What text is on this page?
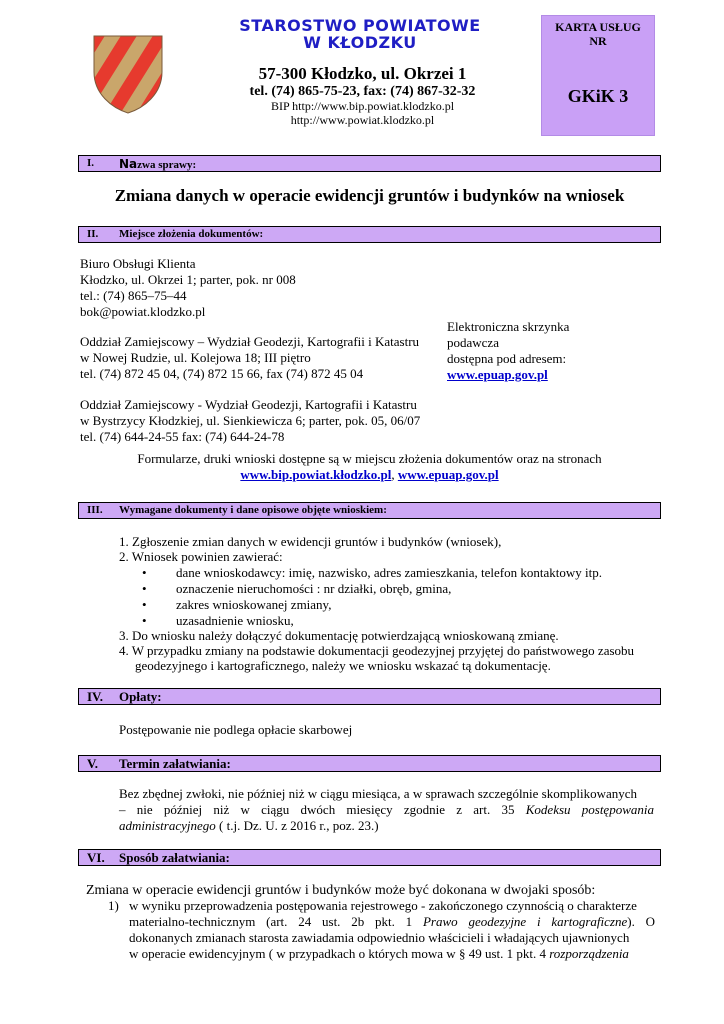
STAROSTWO POWIATOWE
W KŁODZKU
57-300 Kłodzko, ul. Okrzei 1
tel. (74) 865-75-23, fax: (74) 867-32-32
BIP http://www.bip.powiat.klodzko.pl
http://www.powiat.klodzko.pl
KARTA USŁUG
NR
GKiK 3
I. Nazwa sprawy:
Zmiana danych w operacie ewidencji gruntów i budynków na wniosek
II. Miejsce złożenia dokumentów:
Biuro Obsługi Klienta
Kłodzko, ul. Okrzei 1; parter, pok. nr 008
tel.: (74) 865–75–44
bok@powiat.klodzko.pl
Oddział Zamiejscowy – Wydział Geodezji, Kartografii i Katastru
w Nowej Rudzie, ul. Kolejowa 18; III piętro
tel. (74) 872 45 04, (74) 872 15 66, fax (74) 872 45 04
Elektroniczna skrzynka
podawcza
dostępna pod adresem:
www.epuap.gov.pl
Oddział Zamiejscowy - Wydział Geodezji, Kartografii i Katastru
w Bystrzycy Kłodzkiej, ul. Sienkiewicza 6; parter, pok. 05, 06/07
tel. (74) 644-24-55 fax: (74) 644-24-78
Formularze, druki wnioski dostępne są w miejscu złożenia dokumentów oraz na stronach
www.bip.powiat.kłodzko.pl, www.epuap.gov.pl
III. Wymagane dokumenty i dane opisowe objęte wnioskiem:
1. Zgłoszenie zmian danych w ewidencji gruntów i budynków (wniosek),
2. Wniosek powinien zawierać:
• dane wnioskodawcy: imię, nazwisko, adres zamieszkania, telefon kontaktowy itp.
• oznaczenie nieruchomości : nr działki, obręb, gmina,
• zakres wnioskowanej zmiany,
• uzasadnienie wniosku,
3. Do wniosku należy dołączyć dokumentację potwierdzającą wnioskowaną zmianę.
4. W przypadku zmiany na podstawie dokumentacji geodezyjnej przyjętej do państwowego zasobu
geodezyjnego i kartograficznego, należy we wniosku wskazać tą dokumentację.
IV. Opłaty:
Postępowanie nie podlega opłacie skarbowej
V. Termin załatwiania:
Bez zbędnej zwłoki, nie później niż w ciągu miesiąca, a w sprawach szczególnie skomplikowanych
– nie później niż w ciągu dwóch miesięcy zgodnie z art. 35 Kodeksu postępowania
administracyjnego ( t.j. Dz. U. z 2016 r., poz. 23.)
VI. Sposób załatwiania:
Zmiana w operacie ewidencji gruntów i budynków może być dokonana w dwojaki sposób:
1) w wyniku przeprowadzenia postępowania rejestrowego - zakończonego czynnością o charakterze
materialno-technicznym (art. 24 ust. 2b pkt. 1 Prawo geodezyjne i kartograficzne). O
dokonanych zmianach starosta zawiadamia odpowiednio właścicieli i władających ujawnionych
w operacie ewidencyjnym ( w przypadkach o których mowa w § 49 ust. 1 pkt. 4 rozporządzenia
